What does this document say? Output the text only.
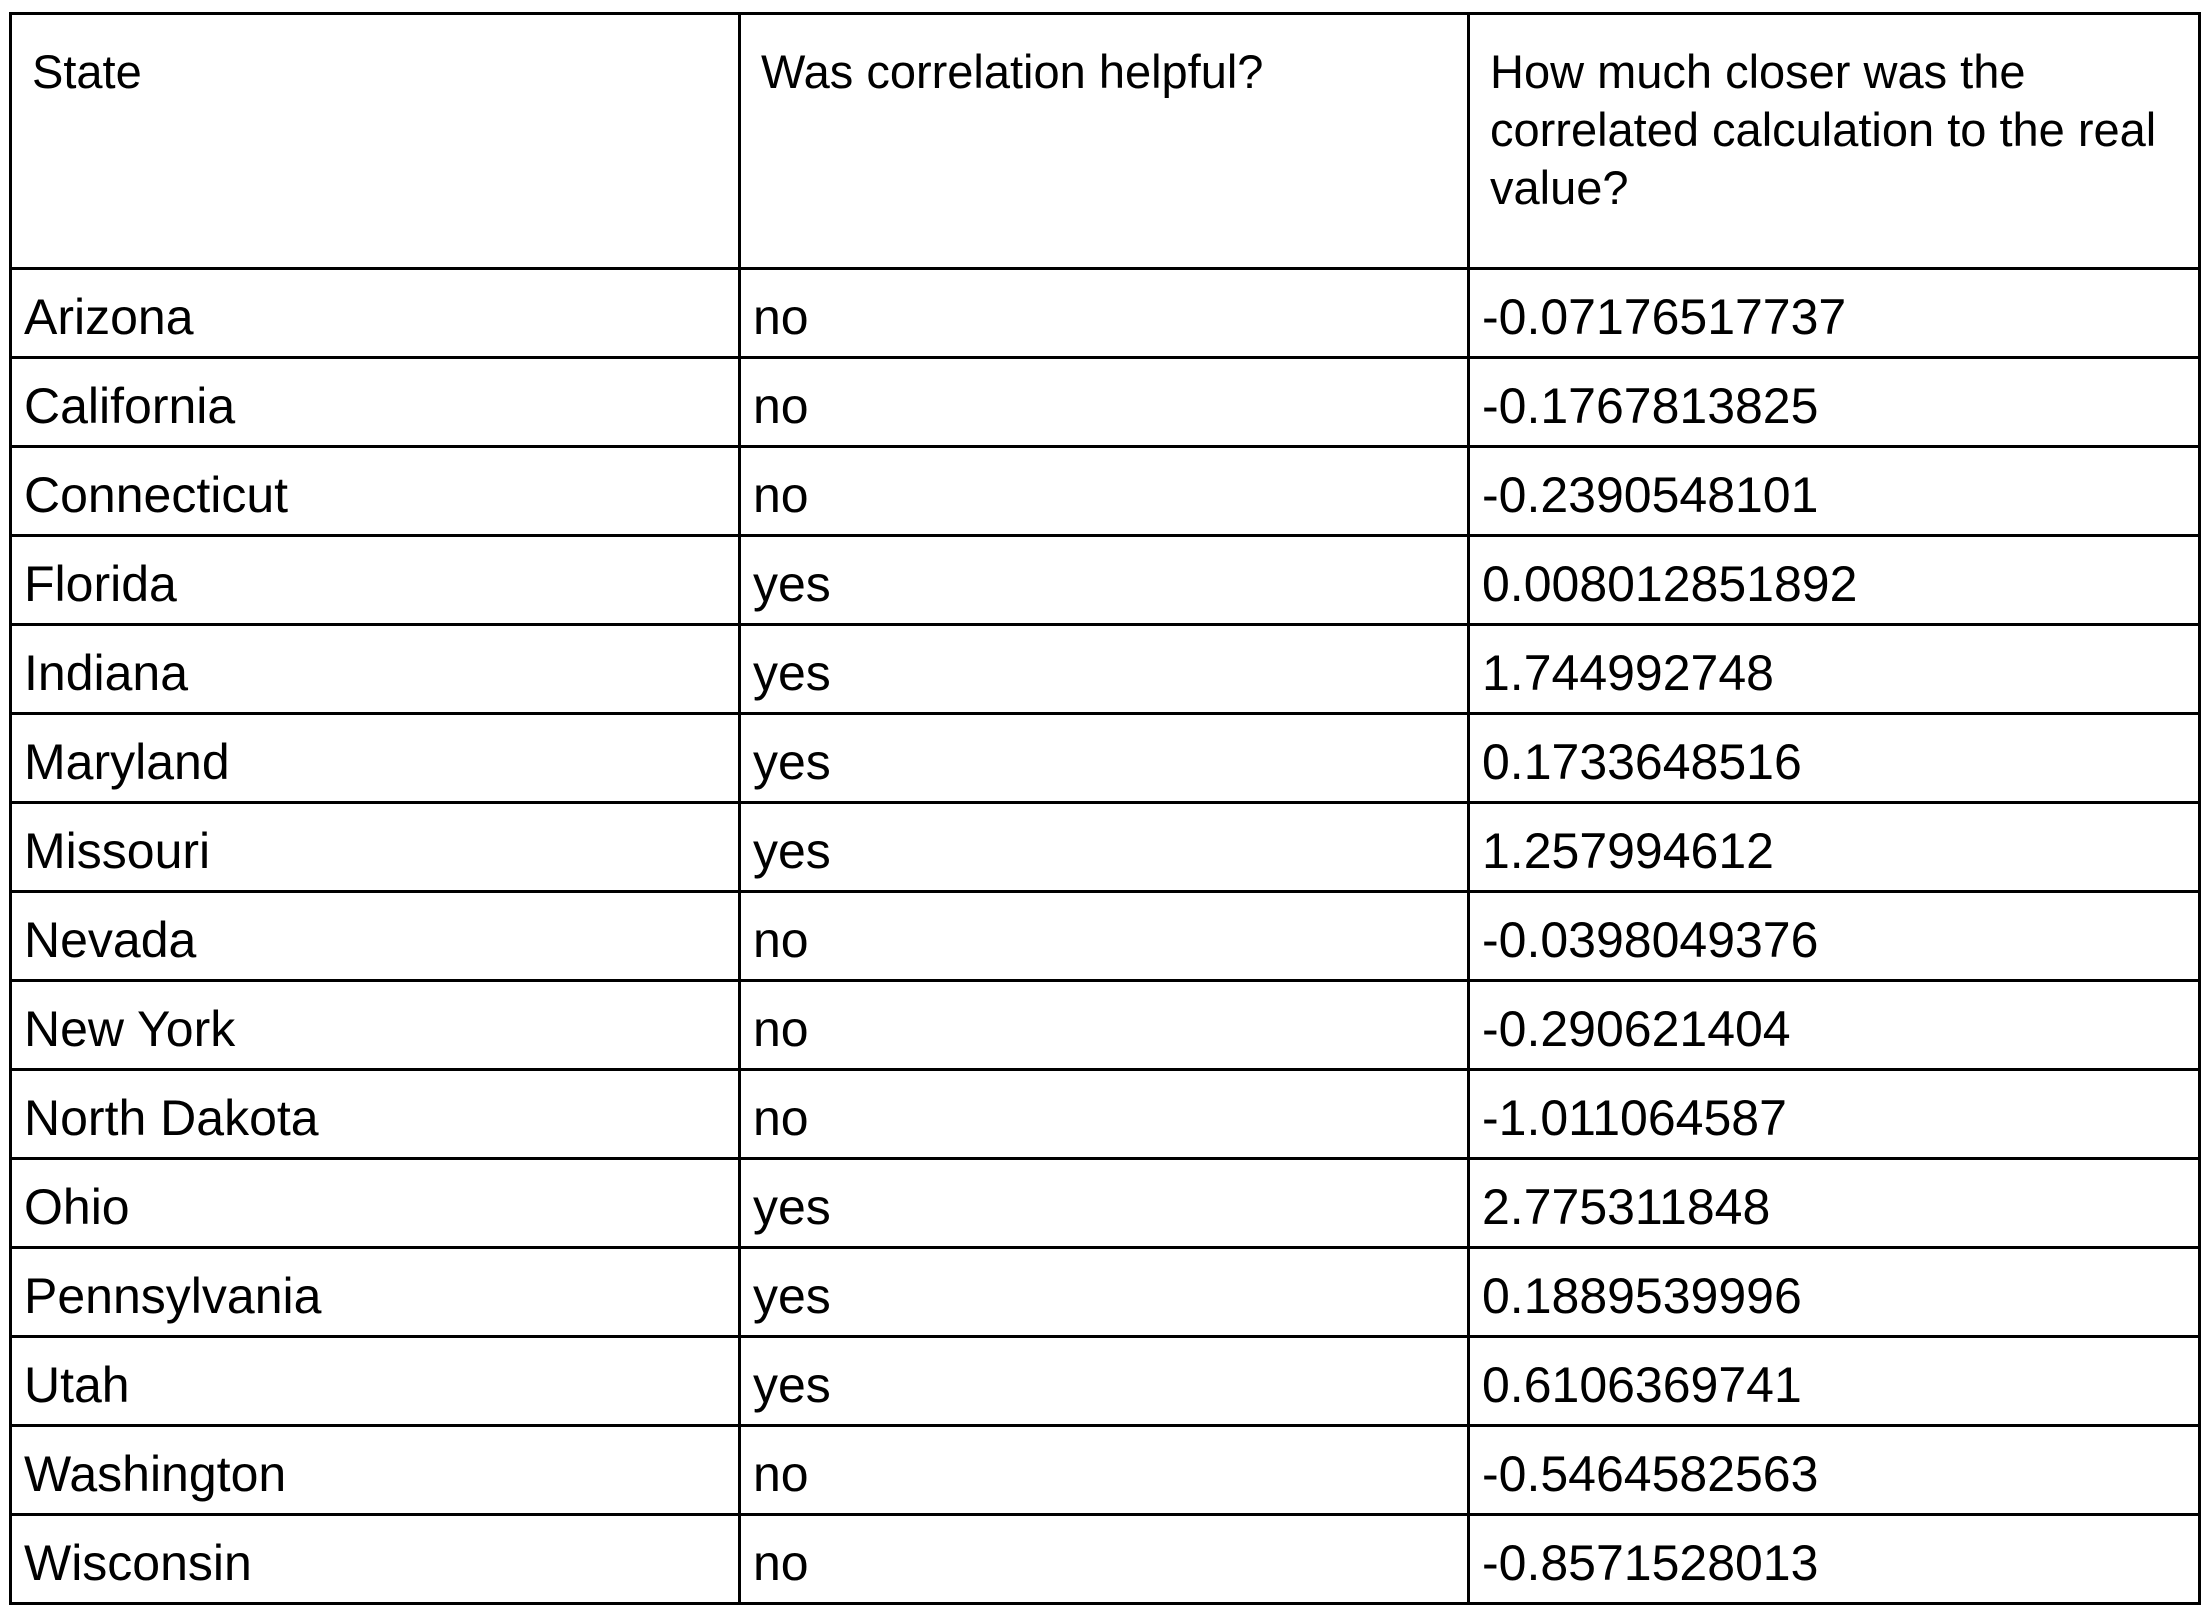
State	Was correlation helpful?	How much closer was the correlated calculation to the real value?
Arizona	no	-0.07176517737
California	no	-0.1767813825
Connecticut	no	-0.2390548101
Florida	yes	0.008012851892
Indiana	yes	1.744992748
Maryland	yes	0.1733648516
Missouri	yes	1.257994612
Nevada	no	-0.0398049376
New York	no	-0.290621404
North Dakota	no	-1.011064587
Ohio	yes	2.775311848
Pennsylvania	yes	0.1889539996
Utah	yes	0.6106369741
Washington	no	-0.5464582563
Wisconsin	no	-0.8571528013
